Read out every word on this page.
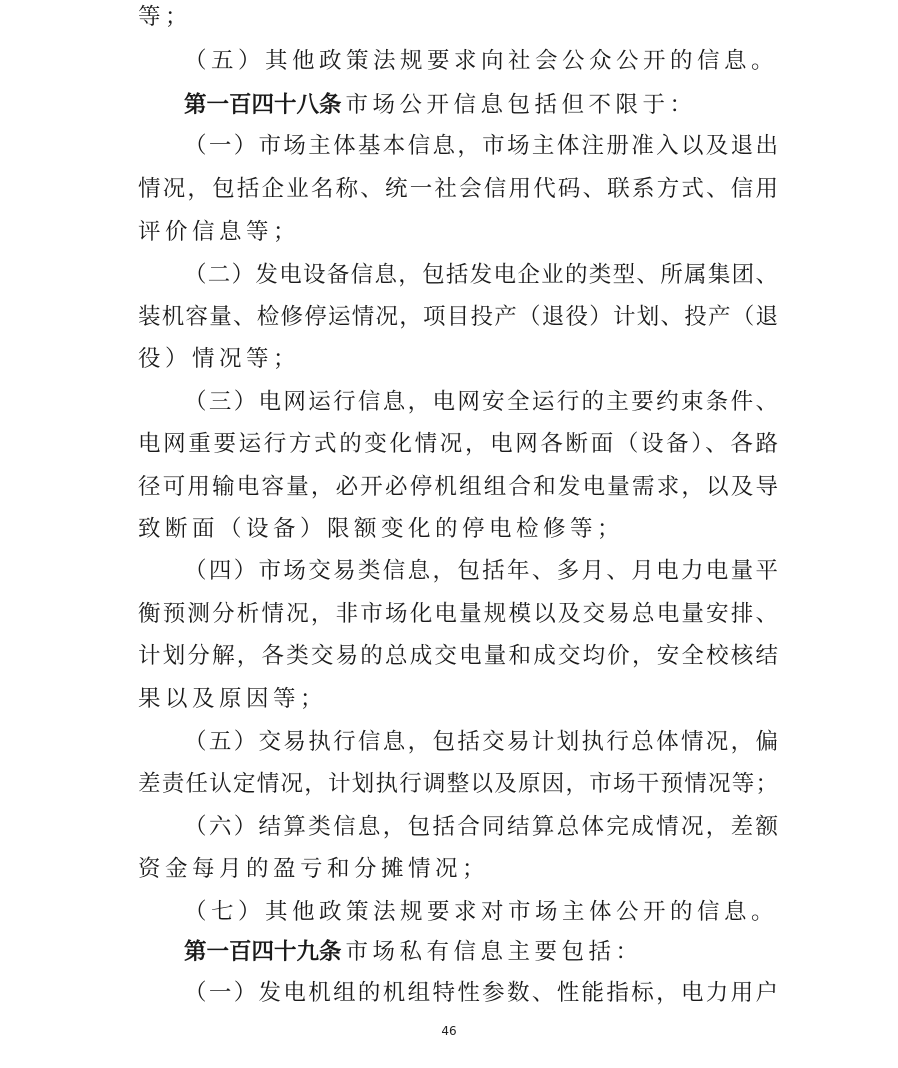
等；
（五）其他政策法规要求向社会公众公开的信息。
第一百四十八条 市场公开信息包括但不限于：
（一）市场主体基本信息，市场主体注册准入以及退出
情况，包括企业名称、统一社会信用代码、联系方式、信用
评价信息等；
（二）发电设备信息，包括发电企业的类型、所属集团、
装机容量、检修停运情况，项目投产（退役）计划、投产（退
役）情况等；
（三）电网运行信息，电网安全运行的主要约束条件、
电网重要运行方式的变化情况，电网各断面（设备）、各路
径可用输电容量，必开必停机组组合和发电量需求，以及导
致断面（设备）限额变化的停电检修等；
（四）市场交易类信息，包括年、多月、月电力电量平
衡预测分析情况，非市场化电量规模以及交易总电量安排、
计划分解，各类交易的总成交电量和成交均价，安全校核结
果以及原因等；
（五）交易执行信息，包括交易计划执行总体情况，偏
差责任认定情况，计划执行调整以及原因，市场干预情况等；
（六）结算类信息，包括合同结算总体完成情况，差额
资金每月的盈亏和分摊情况；
（七）其他政策法规要求对市场主体公开的信息。
第一百四十九条 市场私有信息主要包括：
（一）发电机组的机组特性参数、性能指标，电力用户
46
